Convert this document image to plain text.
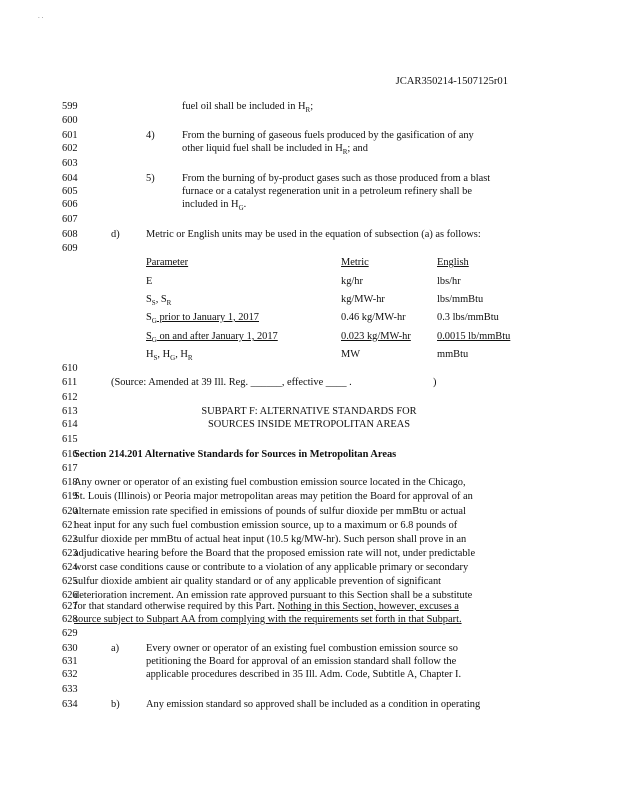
. .
JCAR350214-1507125r01
599
600
601
602
603
604
605
606
607
608
609
610
611
612
613
614
615
616
617
618
619
620
621
622
623
624
625
626
627
628
629
630
631
632
633
634
fuel oil shall be included in $H_R$;
4)	From the burning of gaseous fuels produced by the gasification of any
other liquid fuel shall be included in $H_R$; and
5)	From the burning of by-product gases such as those produced from a blast
furnace or a catalyst regeneration unit in a petroleum refinery shall be
included in $H_G$.
d)	Metric or English units may be used in the equation of subsection (a) as follows:
Parameter	Metric	English
E	kg/hr	lbs/hr
$S_S$, $S_R$	kg/MW-hr	lbs/mmBtu
$S_G$ prior to January 1, 2017	0.46 kg/MW-hr	0.3 lbs/mmBtu
$S_G$ on and after January 1, 2017	0.023 kg/MW-hr	0.0015 lb/mmBtu
$H_S$, $H_G$, $H_R$	MW	mmBtu
(Source: Amended at 39 Ill. Reg. ______, effective ____ .	)
SUBPART F: ALTERNATIVE STANDARDS FOR
SOURCES INSIDE METROPOLITAN AREAS
Section 214.201 Alternative Standards for Sources in Metropolitan Areas
Any owner or operator of an existing fuel combustion emission source located in the Chicago,
St. Louis (Illinois) or Peoria major metropolitan areas may petition the Board for approval of an
alternate emission rate specified in emissions of pounds of sulfur dioxide per mmBtu or actual
heat input for any such fuel combustion emission source, up to a maximum or 6.8 pounds of
sulfur dioxide per mmBtu of actual heat input (10.5 kg/MW-hr). Such person shall prove in an
adjudicative hearing before the Board that the proposed emission rate will not, under predictable
worst case conditions cause or contribute to a violation of any applicable primary or secondary
sulfur dioxide ambient air quality standard or of any applicable prevention of significant
deterioration increment. An emission rate approved pursuant to this Section shall be a substitute
for that standard otherwise required by this Part. Nothing in this Section, however, excuses a
source subject to Subpart AA from complying with the requirements set forth in that Subpart.
a)	Every owner or operator of an existing fuel combustion emission source so
petitioning the Board for approval of an emission standard shall follow the
applicable procedures described in 35 Ill. Adm. Code, Subtitle A, Chapter I.
b)	Any emission standard so approved shall be included as a condition in operating
